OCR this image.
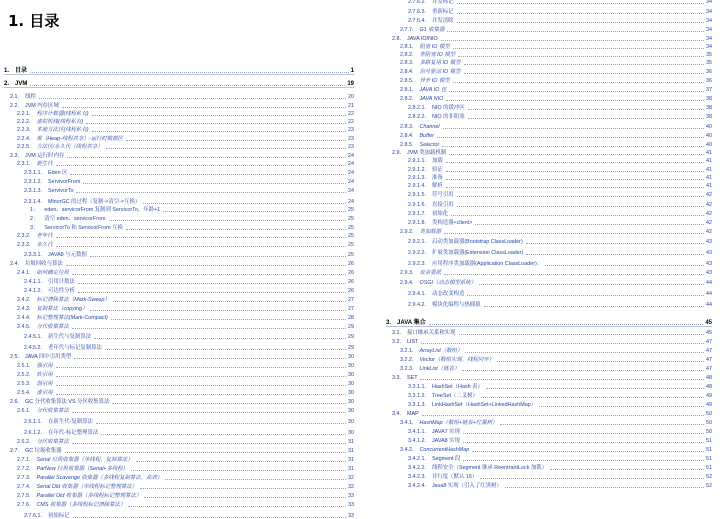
1. 目录
1. 目录	1
2. JVM	19
2.1. 线程	20
2.2. JVM 内存区域	21
2.2.1. 程序计数器(线程私有)	22
2.2.2. 虚拟机栈(线程私有)	22
2.2.3. 本地方法区(线程私有)	23
2.2.4. 堆（Heap-线程共享）-运行时数据区	23
2.2.5. 方法区/永久代（线程共享）	23
2.3. JVM 运行时内存	24
2.3.1. 新生代	24
2.3.1.1. Eden 区	24
2.3.1.2. ServivorFrom	24
2.3.1.3. ServivorTo	24
2.3.1.4. MinorGC 的过程（复制->清空->互换）	24
1： eden、servicorFrom 复制到 ServicorTo，年龄+1	25
2： 清空 eden、servicorFrom	25
3： ServicorTo 和 ServicorFrom 互换	25
2.3.2. 老年代	25
2.3.3. 永久代	25
2.3.3.1. JAVA8 与元数据	25
2.4. 垃圾回收与算法	26
2.4.1. 如何确定垃圾	26
2.4.1.1. 引用计数法	26
2.4.1.2. 可达性分析	26
2.4.2. 标记清除算法（Mark-Sweep）	27
2.4.3. 复制算法（copying）	27
2.4.4. 标记整理算法(Mark-Compact)	28
2.4.5. 分代收集算法	29
2.4.5.1. 新生代与复制算法	29
2.4.5.2. 老年代与标记复制算法	29
2.5. JAVA 四中引用类型	30
2.5.1. 强引用	30
2.5.2. 软引用	30
2.5.3. 弱引用	30
2.5.4. 虚引用	30
2.6. GC 分代收集算法 VS 分区收集算法	30
2.6.1. 分代收集算法	30
2.6.1.1. 在新生代-复制算法	30
2.6.1.2. 在年代-标记整理算法	30
2.6.2. 分区收集算法	31
2.7. GC 垃圾收集器	31
2.7.1. Serial 垃圾收集器（单线程、复制算法）	31
2.7.2. ParNew 垃圾收集器（Serial+多线程）	31
2.7.3. Parallel Scavenge 收集器（多线程复制算法、高效）	32
2.7.4. Serial Old 收集器（单线程标记整理算法）	32
2.7.5. Parallel Old 收集器（多线程标记整理算法）	33
2.7.6. CMS 收集器（多线程标记清除算法）	33
2.7.6.1. 初始标记	33
2.7.6.2. 并发标记	34
2.7.6.3. 重新标记	34
2.7.6.4. 并发清除	34
2.7.7. G1 收集器	34
2.8. JAVA IO/NIO	34
2.8.1. 阻塞 IO 模型	34
2.8.2. 非阻塞 IO 模型	35
2.8.3. 多路复用 IO 模型	35
2.8.4. 信号驱动 IO 模型	36
2.8.5. 异步 IO 模型	36
2.8.1. JAVA IO 包	37
2.8.2. JAVA NIO	38
2.8.2.1. NIO 的缓冲区	38
2.8.2.2. NIO 的非阻塞	38
2.8.3. Channel	40
2.8.4. Buffer	40
2.8.5. Selector	40
2.9. JVM 类加载机制	41
2.9.1.1. 加载	41
2.9.1.2. 验证	41
2.9.1.3. 准备	41
2.9.1.4. 解析	41
2.9.1.5. 符号引用	42
2.9.1.6. 直接引用	42
2.9.1.7. 初始化	42
2.9.1.8. 类构造器<client>	42
2.9.2. 类加载器	42
2.9.2.1. 启动类加载器(Bootstrap ClassLoader)	43
2.9.2.2. 扩展类加载器(Extension ClassLoader)	43
2.9.2.3. 应用程序类加载器(Application ClassLoader)：	43
2.9.3. 双亲委派	43
2.9.4. OSGI（动态模型系统）	44
2.9.4.1. 动态改变构造	44
2.9.4.2. 模块化编程与热插拔	44
3. JAVA 集合	45
3.1. 接口继承关系和实现	45
3.2. LIST	47
3.2.1. ArrayList（数组）	47
3.2.2. Vector（数组实现、线程同步）	47
3.2.3. LinkList（链表）	47
3.3. SET	48
3.3.1.1. HashSet（Hash 表）	48
3.3.1.2. TreeSet（二叉树）	49
3.3.1.3. LinkHashSet（HashSet+LinkedHashMap）	49
3.4. MAP	50
3.4.1. HashMap（数组+链表+红黑树）	50
3.4.1.1. JAVA7 实现	50
3.4.1.2. JAVA8 实现	51
3.4.2. ConcurrentHashMap	51
3.4.2.1. Segment 段	51
3.4.2.2. 线程安全（Segment 继承 ReentrantLock 加锁）	51
3.4.2.3. 并行度（默认 16）	52
3.4.2.4. Java8 实现（引入了红黑树）	52
